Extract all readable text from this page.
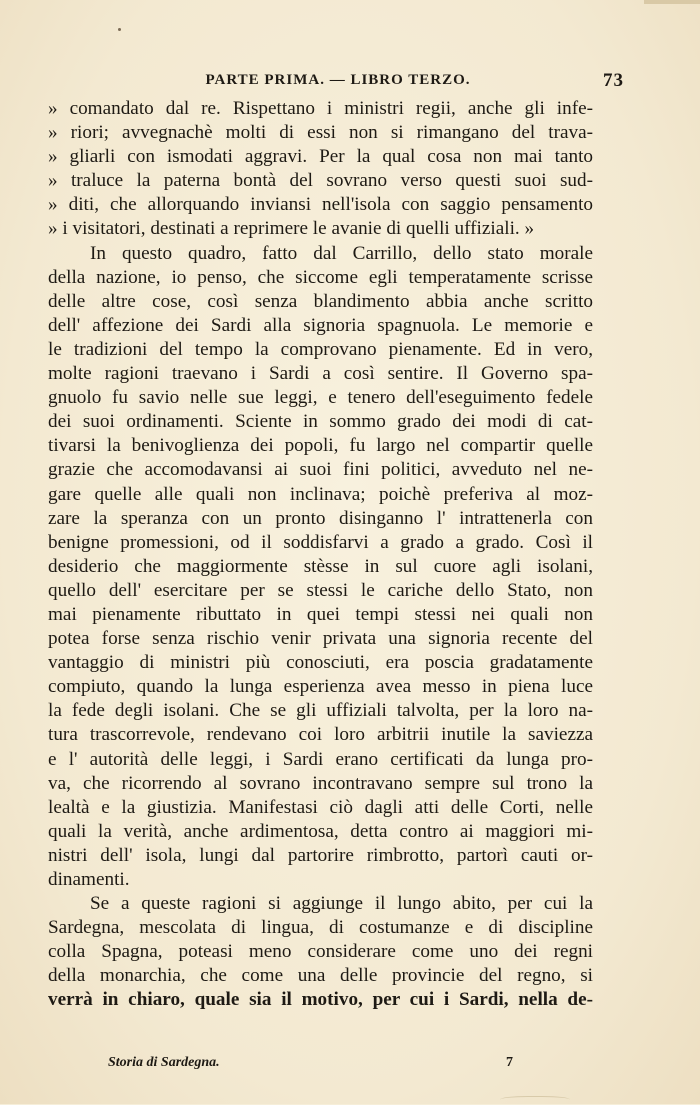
PARTE PRIMA. — LIBRO TERZO.	73
» comandato dal re. Rispettano i ministri regii, anche gli infe-
» riori; avvegnachè molti di essi non si rimangano del trava-
» gliarli con ismodati aggravi. Per la qual cosa non mai tanto
» traluce la paterna bontà del sovrano verso questi suoi sud-
» diti, che allorquando inviansi nell'isola con saggio pensamento
» i visitatori, destinati a reprimere le avanie di quelli uffiziali. »
In questo quadro, fatto dal Carrillo, dello stato morale
della nazione, io penso, che siccome egli temperatamente scrisse
delle altre cose, così senza blandimento abbia anche scritto
dell' affezione dei Sardi alla signoria spagnuola. Le memorie e
le tradizioni del tempo la comprovano pienamente. Ed in vero,
molte ragioni traevano i Sardi a così sentire. Il Governo spa-
gnuolo fu savio nelle sue leggi, e tenero dell'eseguimento fedele
dei suoi ordinamenti. Sciente in sommo grado dei modi di cat-
tivarsi la benivoglienza dei popoli, fu largo nel compartir quelle
grazie che accomodavansi ai suoi fini politici, avveduto nel ne-
gare quelle alle quali non inclinava; poichè preferiva al moz-
zare la speranza con un pronto disinganno l' intrattenerla con
benigne promessioni, od il soddisfarvi a grado a grado. Così il
desiderio che maggiormente stèsse in sul cuore agli isolani,
quello dell' esercitare per se stessi le cariche dello Stato, non
mai pienamente ributtato in quei tempi stessi nei quali non
potea forse senza rischio venir privata una signoria recente del
vantaggio di ministri più conosciuti, era poscia gradatamente
compiuto, quando la lunga esperienza avea messo in piena luce
la fede degli isolani. Che se gli uffiziali talvolta, per la loro na-
tura trascorrevole, rendevano coi loro arbitrii inutile la saviezza
e l' autorità delle leggi, i Sardi erano certificati da lunga pro-
va, che ricorrendo al sovrano incontravano sempre sul trono la
lealtà e la giustizia. Manifestasi ciò dagli atti delle Corti, nelle
quali la verità, anche ardimentosa, detta contro ai maggiori mi-
nistri dell' isola, lungi dal partorire rimbrotto, partorì cauti or-
dinamenti.
Se a queste ragioni si aggiunge il lungo abito, per cui la
Sardegna, mescolata di lingua, di costumanze e di discipline
colla Spagna, poteasi meno considerare come uno dei regni
della monarchia, che come una delle provincie del regno, si
verrà in chiaro, quale sia il motivo, per cui i Sardi, nella de-
Storia di Sardegna.	7
